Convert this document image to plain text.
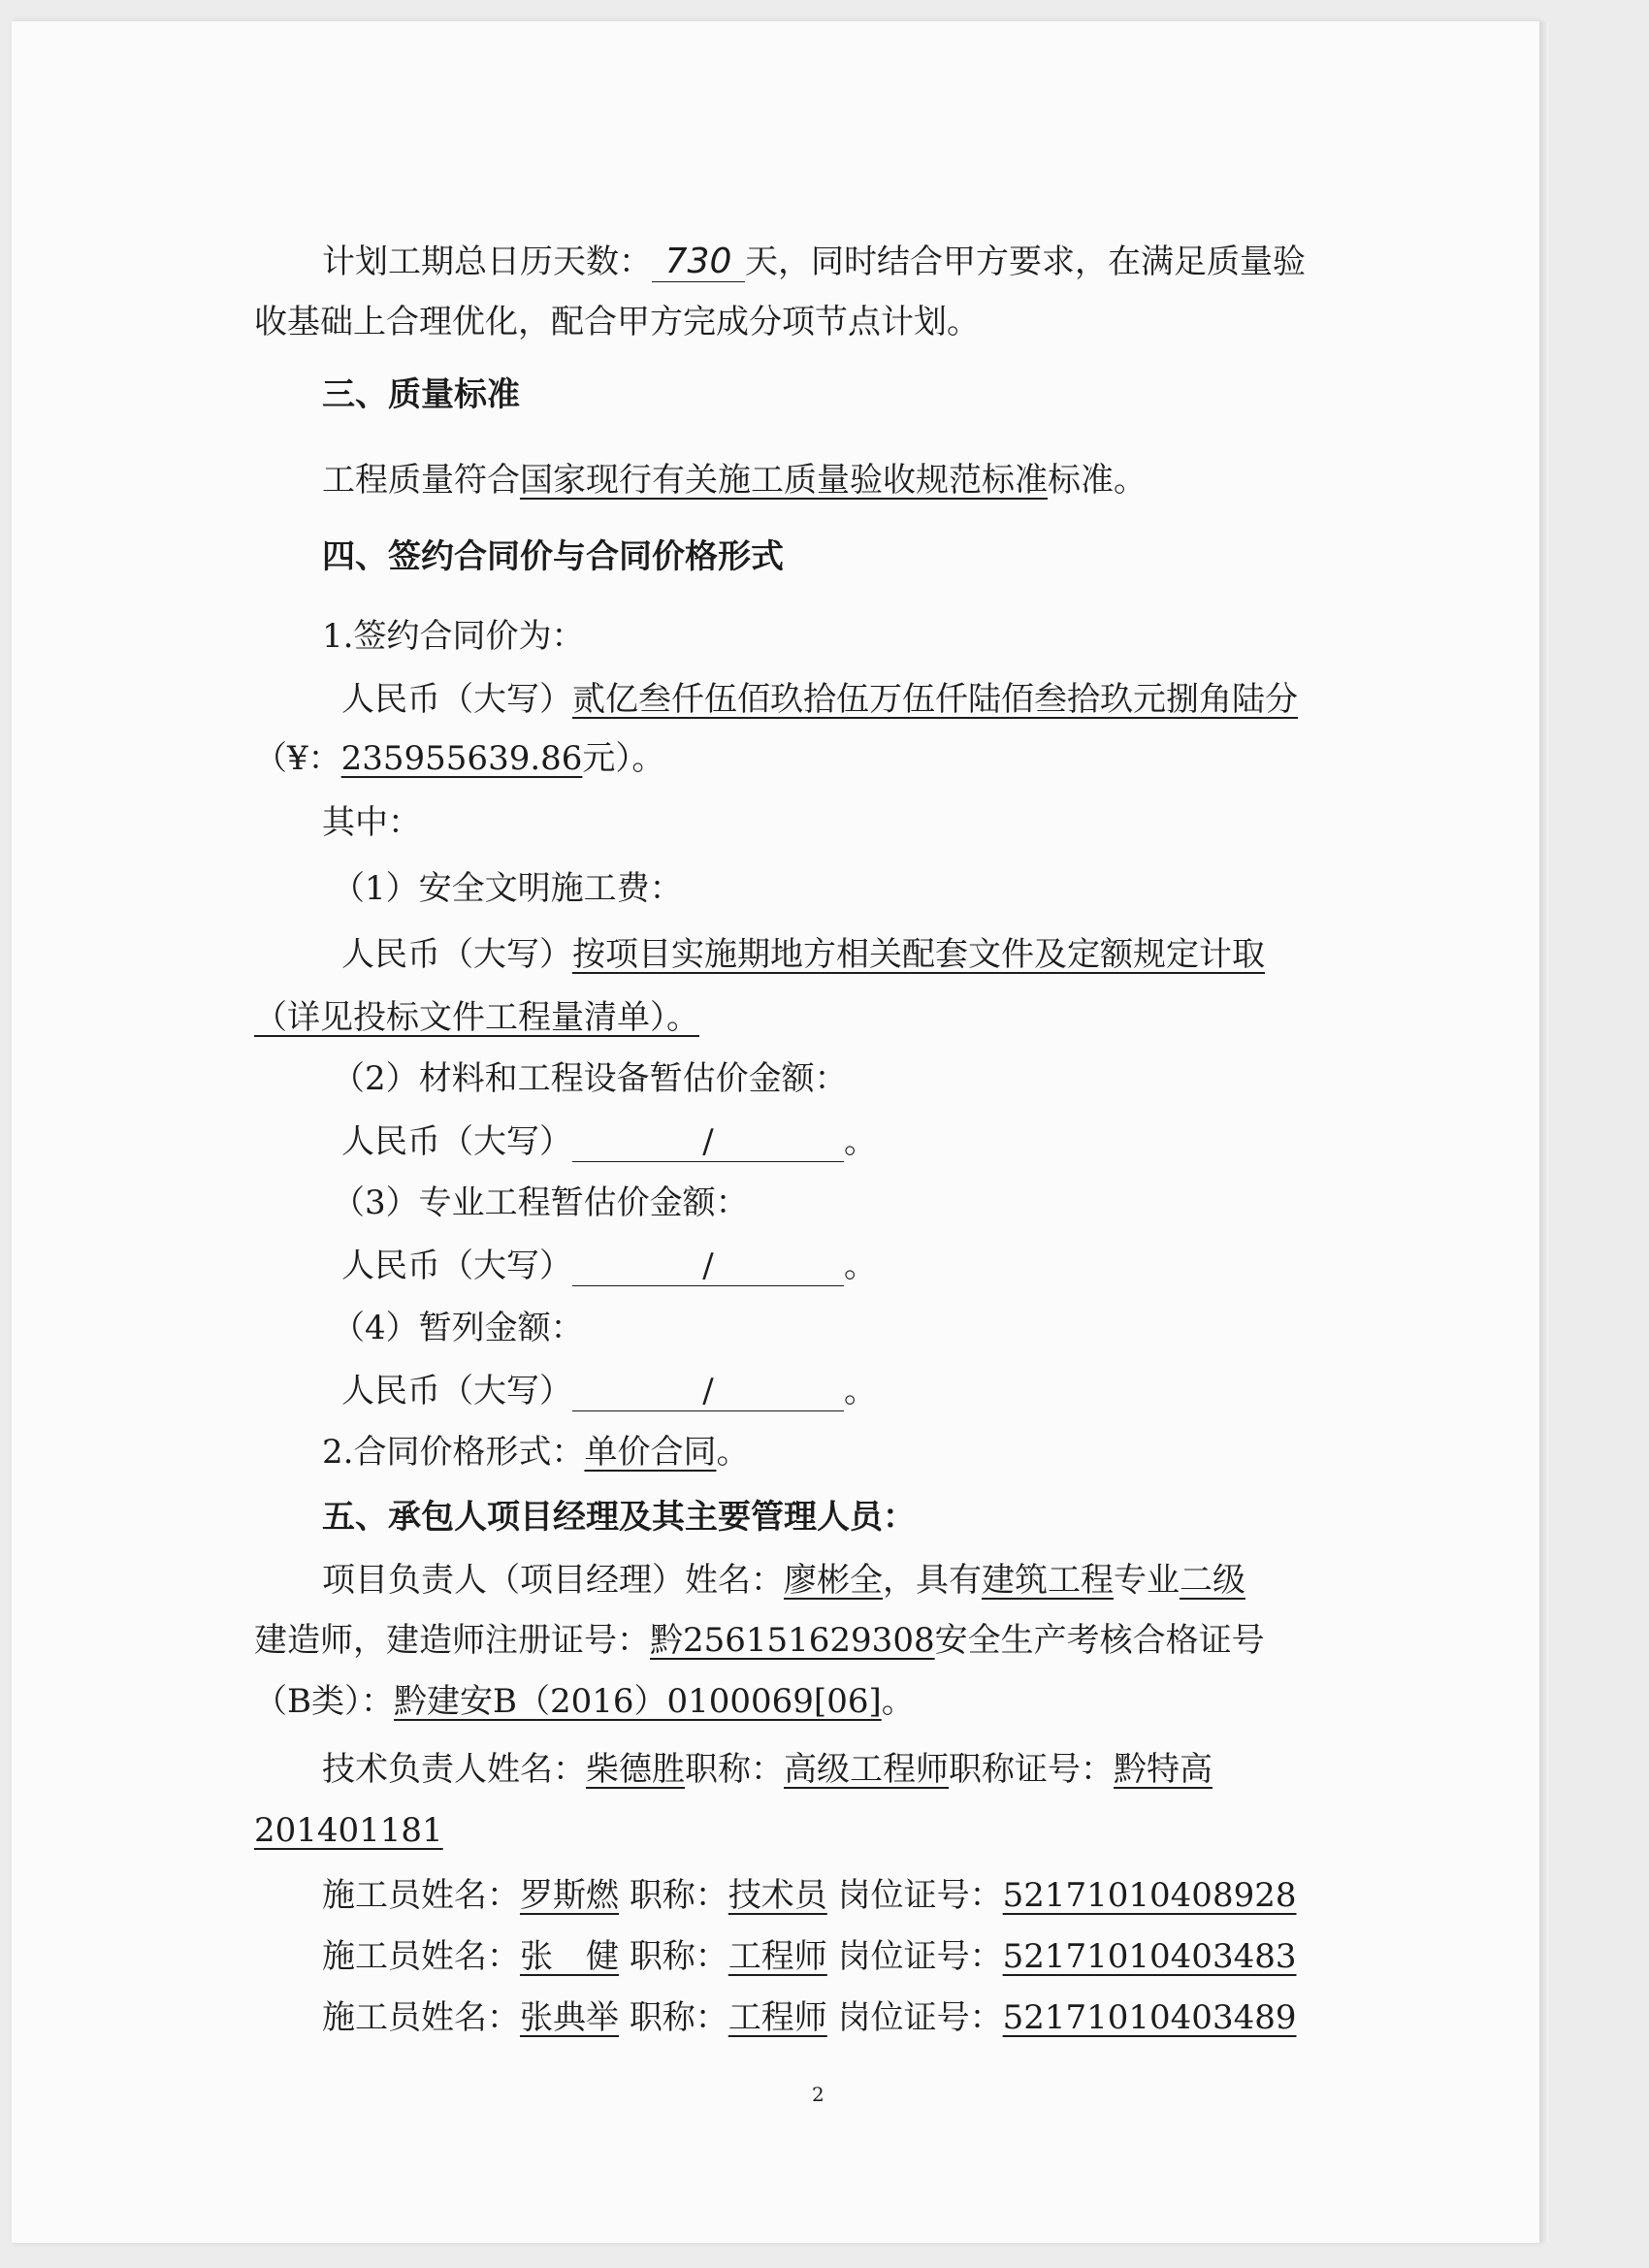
计划工期总日历天数： 730 天，同时结合甲方要求，在满足质量验
收基础上合理优化，配合甲方完成分项节点计划。
三、质量标准
工程质量符合国家现行有关施工质量验收规范标准标准。
四、签约合同价与合同价格形式
1.签约合同价为：
人民币（大写）贰亿叁仟伍佰玖拾伍万伍仟陆佰叁拾玖元捌角陆分
（¥：235955639.86元）。
其中：
（1）安全文明施工费：
人民币（大写）按项目实施期地方相关配套文件及定额规定计取
（详见投标文件工程量清单）。
（2）材料和工程设备暂估价金额：
人民币（大写）	/	。
（3）专业工程暂估价金额：
人民币（大写）	/	。
（4）暂列金额：
人民币（大写）	/	。
2.合同价格形式：单价合同。
五、承包人项目经理及其主要管理人员：
项目负责人（项目经理）姓名：廖彬全，具有建筑工程专业二级
建造师，建造师注册证号：黔256151629308安全生产考核合格证号
（B类）：黔建安B（2016）0100069[06]。
技术负责人姓名：柴德胜职称：高级工程师职称证号：黔特高
201401181
施工员姓名：罗斯燃 职称：技术员 岗位证号：52171010408928
施工员姓名：张　健 职称：工程师 岗位证号：52171010403483
施工员姓名：张典举 职称：工程师 岗位证号：52171010403489
2
